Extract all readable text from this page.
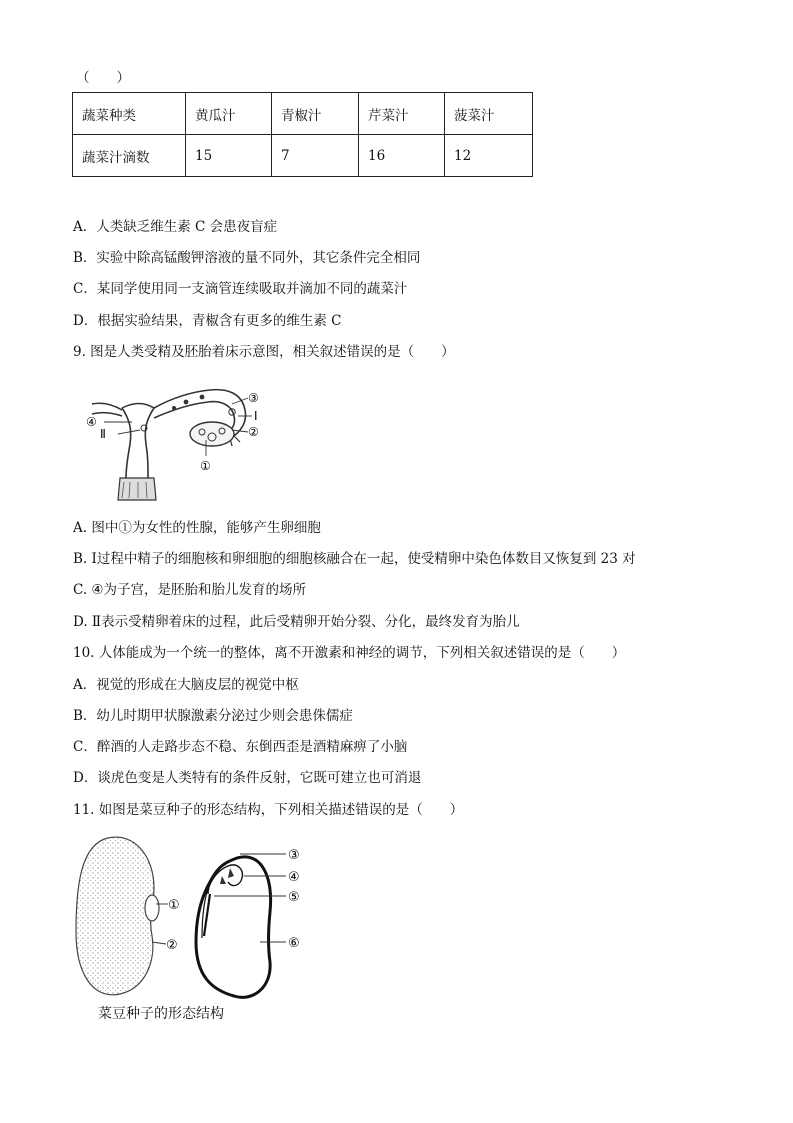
（　　）
蔬菜种类	黄瓜汁	青椒汁	芹菜汁	菠菜汁
蔬菜汁滴数	15	7	16	12
A．人类缺乏维生素 C 会患夜盲症
B．实验中除高锰酸钾溶液的量不同外，其它条件完全相同
C．某同学使用同一支滴管连续吸取并滴加不同的蔬菜汁
D．根据实验结果，青椒含有更多的维生素 C
9. 图是人类受精及胚胎着床示意图，相关叙述错误的是（　　）
③
Ⅰ
②
①
④
Ⅱ
A. 图中①为女性的性腺，能够产生卵细胞
B. Ⅰ过程中精子的细胞核和卵细胞的细胞核融合在一起，使受精卵中染色体数目又恢复到 23 对
C. ④为子宫，是胚胎和胎儿发育的场所
D. Ⅱ表示受精卵着床的过程，此后受精卵开始分裂、分化，最终发育为胎儿
10. 人体能成为一个统一的整体，离不开激素和神经的调节，下列相关叙述错误的是（　　）
A．视觉的形成在大脑皮层的视觉中枢
B．幼儿时期甲状腺激素分泌过少则会患侏儒症
C．醉酒的人走路步态不稳、东倒西歪是酒精麻痹了小脑
D．谈虎色变是人类特有的条件反射，它既可建立也可消退
11. 如图是菜豆种子的形态结构，下列相关描述错误的是（　　）
①
②
③
④
⑤
⑥
菜豆种子的形态结构
